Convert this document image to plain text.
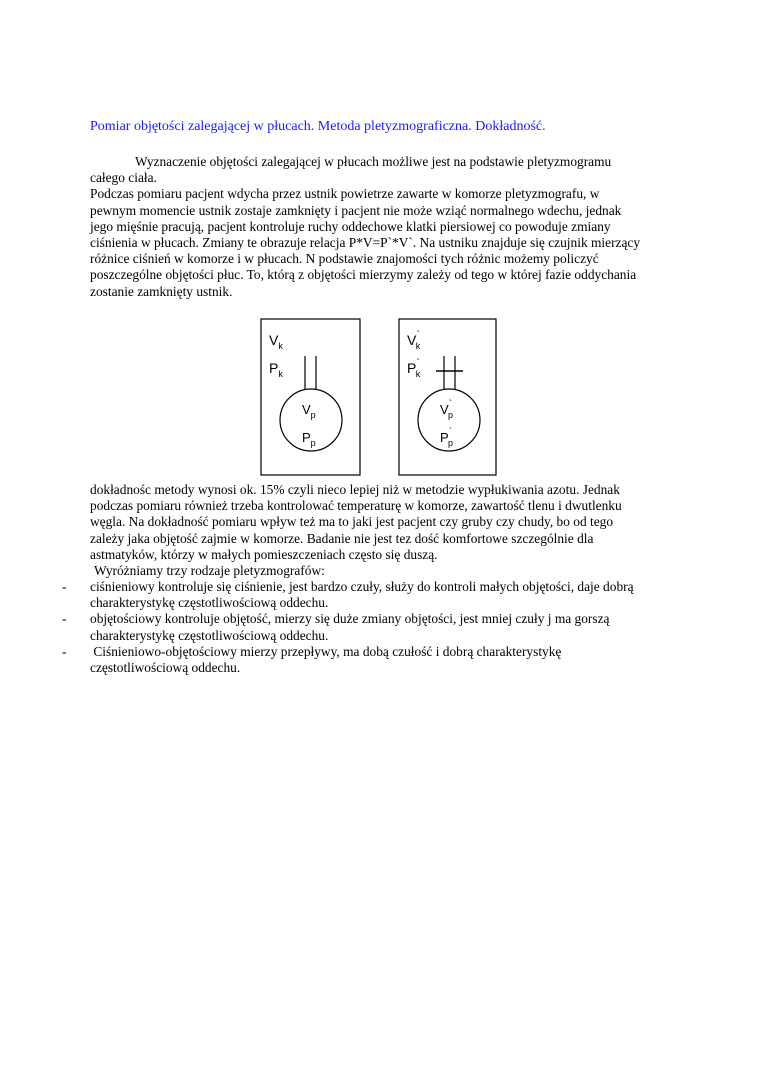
Pomiar objętości zalegającej w płucach. Metoda pletyzmograficzna. Dokładność.
Wyznaczenie objętości zalegającej w płucach możliwe jest na podstawie pletyzmogramu
całego ciała.
Podczas pomiaru pacjent wdycha przez ustnik powietrze zawarte w komorze pletyzmografu, w
pewnym momencie ustnik zostaje zamknięty i pacjent nie może wziąć normalnego wdechu, jednak
jego mięśnie pracują, pacjent kontroluje ruchy oddechowe klatki piersiowej co powoduje zmiany
ciśnienia w płucach. Zmiany te obrazuje relacja P*V=P`*V`. Na ustniku znajduje się czujnik mierzący
różnice ciśnień w komorze i w płucach. N podstawie znajomości tych różnic możemy policzyć
poszczególne objętości płuc. To, którą z objętości mierzymy zależy od tego w której fazie oddychania
zostanie zamknięty ustnik.
$V_k$
$P_k$
$V_p$
$P_p$
V` k
P` k
V` p
P` p
dokładnośc metody wynosi ok. 15% czyli nieco lepiej niż w metodzie wypłukiwania azotu. Jednak
podczas pomiaru również trzeba kontrolować temperaturę w komorze, zawartość tlenu i dwutlenku
węgla. Na dokładność pomiaru wpływ też ma to jaki jest pacjent czy gruby czy chudy, bo od tego
zależy jaka objętość zajmie w komorze. Badanie nie jest tez dość komfortowe szczególnie dla
astmatyków, którzy w małych pomieszczeniach często się duszą.
Wyróżniamy trzy rodzaje pletyzmografów:
- ciśnieniowy kontroluje się ciśnienie, jest bardzo czuły, służy do kontroli małych objętości, daje dobrą
charakterystykę częstotliwościową oddechu.
- objętościowy kontroluje objętość, mierzy się duże zmiany objętości, jest mniej czuły j ma gorszą
charakterystykę częstotliwościową oddechu.
- Ciśnieniowo-objętościowy mierzy przepływy, ma dobą czułość i dobrą charakterystykę
częstotliwościową oddechu.
